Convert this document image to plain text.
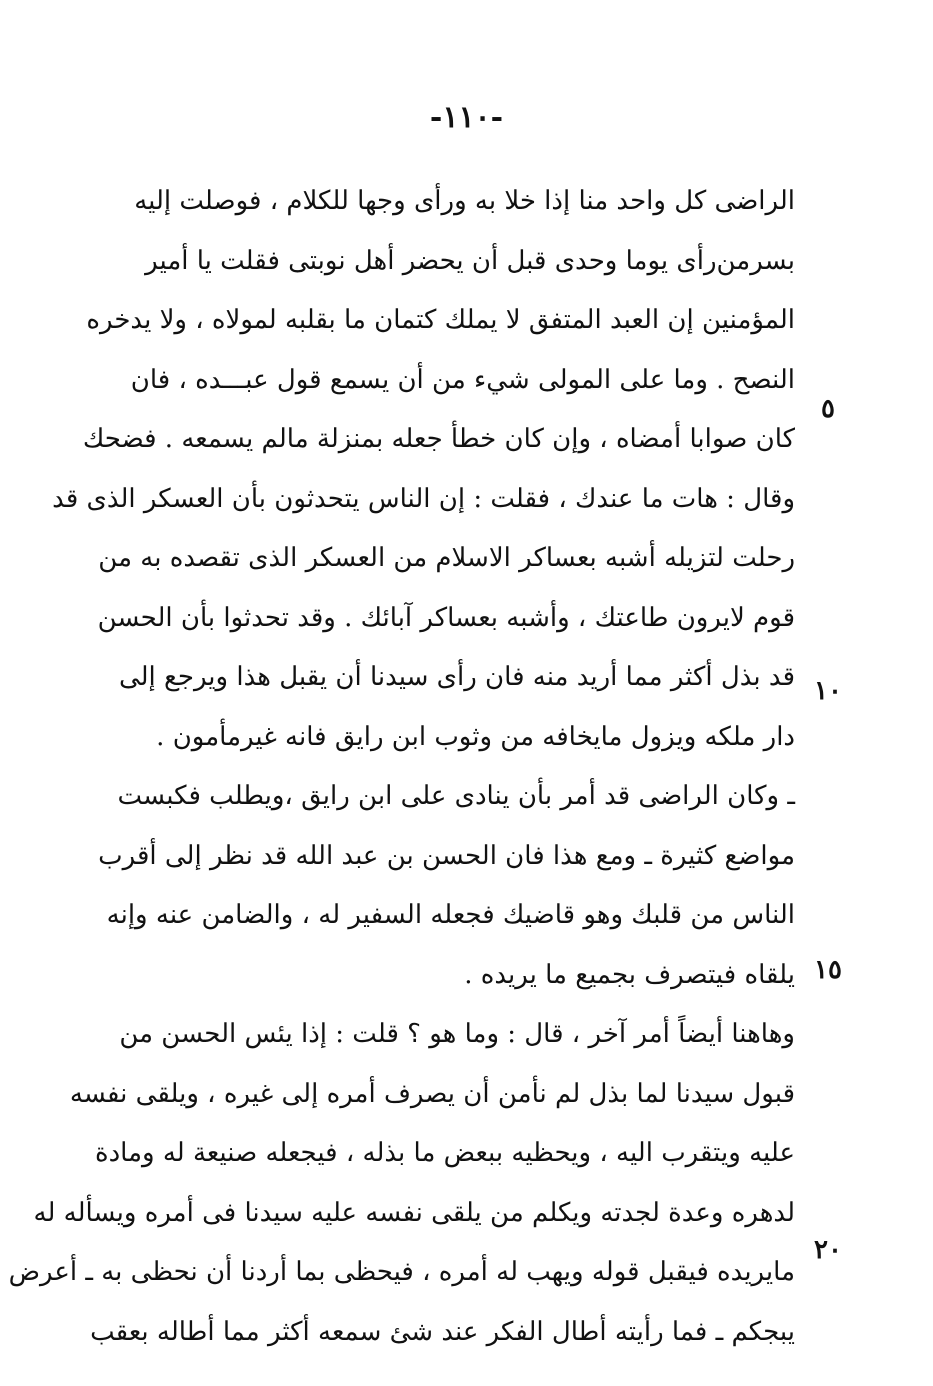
-١١٠-
الراضى كل واحد منا إذا خلا به ورأى وجها للكلام ، فوصلت إليه
بسرمن‌رأى يوما وحدى قبل أن يحضر أهل نوبتى فقلت يا أمير
المؤمنين إن العبد المتفق لا يملك كتمان ما بقلبه لمولاه ، ولا يدخره
النصح . وما على المولى شيء من أن يسمع قول عبـــده ، فان
كان صوابا أمضاه ، وإن كان خطأ جعله بمنزلة مالم يسمعه . فضحك
وقال : هات ما عندك ، فقلت : إن الناس يتحدثون بأن العسكر الذى قد
رحلت لتزيله أشبه بعساكر الاسلام من العسكر الذى تقصده به من
قوم لايرون طاعتك ، وأشبه بعساكر آبائك . وقد تحدثوا بأن الحسن
قد بذل أكثر مما أريد منه فان رأى سيدنا أن يقبل هذا ويرجع إلى
دار ملكه ويزول مايخافه من وثوب ابن رايق فانه غيرمأمون .
ـ وكان الراضى قد أمر بأن ينادى على ابن رايق ،ويطلب فكبست
مواضع كثيرة ـ ومع هذا فان الحسن بن عبد الله قد نظر إلى أقرب
الناس من قلبك وهو قاضيك فجعله السفير له ، والضامن عنه وإنه
يلقاه فيتصرف بجميع ما يريده .
وهاهنا أيضاً أمر آخر ، قال : وما هو ؟ قلت : إذا يئس الحسن من
قبول سيدنا لما بذل لم نأمن أن يصرف أمره إلى غيره ، ويلقى نفسه
عليه ويتقرب اليه ، ويحظيه ببعض ما بذله ، فيجعله صنيعة له ومادة
لدهره وعدة لجدته ويكلم من يلقى نفسه عليه سيدنا فى أمره ويسأله له
مايريده فيقبل قوله ويهب له أمره ، فيحظى بما أردنا أن نحظى به ـ أعرض
يبجكم ـ فما رأيته أطال الفكر عند شئ سمعه أكثر مما أطاله بعقب
٥
١٠
١٥
٢٠
